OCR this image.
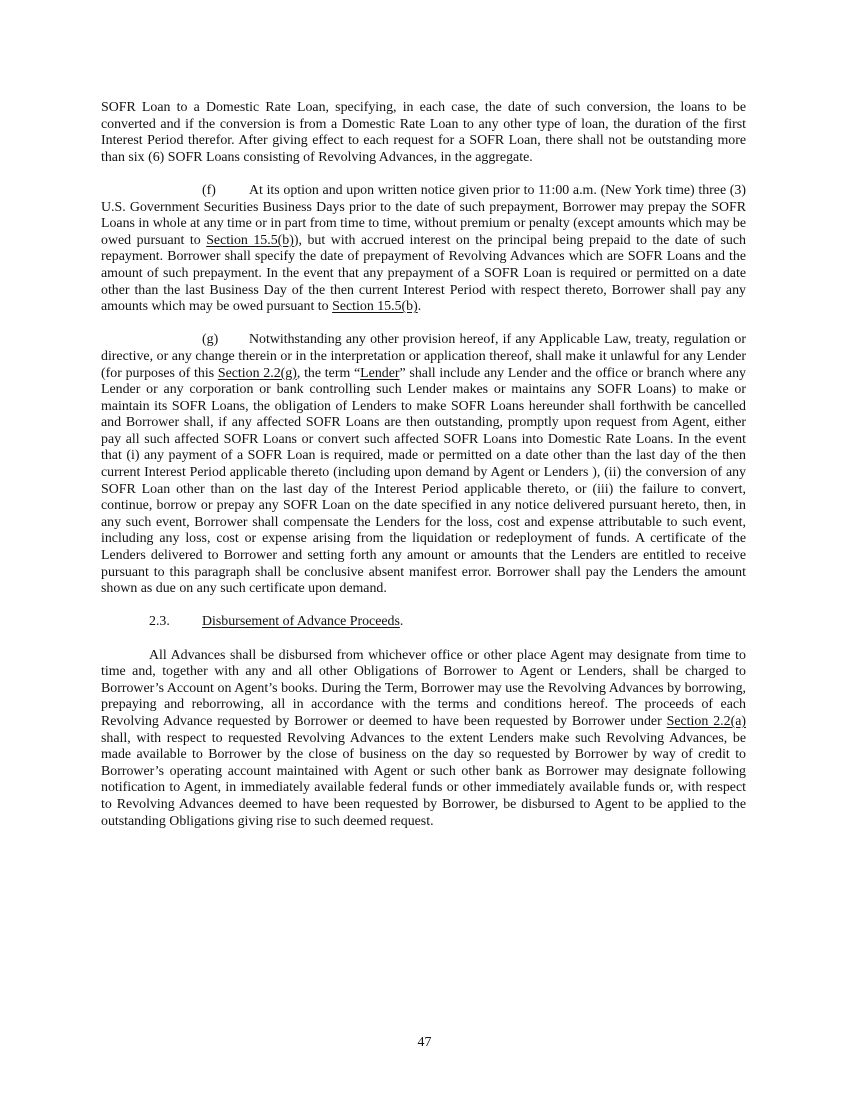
SOFR Loan to a Domestic Rate Loan, specifying, in each case, the date of such conversion, the loans to be converted and if the conversion is from a Domestic Rate Loan to any other type of loan, the duration of the first Interest Period therefor. After giving effect to each request for a SOFR Loan, there shall not be outstanding more than six (6) SOFR Loans consisting of Revolving Advances, in the aggregate.

(f) At its option and upon written notice given prior to 11:00 a.m. (New York time) three (3) U.S. Government Securities Business Days prior to the date of such prepayment, Borrower may prepay the SOFR Loans in whole at any time or in part from time to time, without premium or penalty (except amounts which may be owed pursuant to Section 15.5(b)), but with accrued interest on the principal being prepaid to the date of such repayment. Borrower shall specify the date of prepayment of Revolving Advances which are SOFR Loans and the amount of such prepayment. In the event that any prepayment of a SOFR Loan is required or permitted on a date other than the last Business Day of the then current Interest Period with respect thereto, Borrower shall pay any amounts which may be owed pursuant to Section 15.5(b).

(g) Notwithstanding any other provision hereof, if any Applicable Law, treaty, regulation or directive, or any change therein or in the interpretation or application thereof, shall make it unlawful for any Lender (for purposes of this Section 2.2(g), the term “Lender” shall include any Lender and the office or branch where any Lender or any corporation or bank controlling such Lender makes or maintains any SOFR Loans) to make or maintain its SOFR Loans, the obligation of Lenders to make SOFR Loans hereunder shall forthwith be cancelled and Borrower shall, if any affected SOFR Loans are then outstanding, promptly upon request from Agent, either pay all such affected SOFR Loans or convert such affected SOFR Loans into Domestic Rate Loans. In the event that (i) any payment of a SOFR Loan is required, made or permitted on a date other than the last day of the then current Interest Period applicable thereto (including upon demand by Agent or Lenders ), (ii) the conversion of any SOFR Loan other than on the last day of the Interest Period applicable thereto, or (iii) the failure to convert, continue, borrow or prepay any SOFR Loan on the date specified in any notice delivered pursuant hereto, then, in any such event, Borrower shall compensate the Lenders for the loss, cost and expense attributable to such event, including any loss, cost or expense arising from the liquidation or redeployment of funds. A certificate of the Lenders delivered to Borrower and setting forth any amount or amounts that the Lenders are entitled to receive pursuant to this paragraph shall be conclusive absent manifest error. Borrower shall pay the Lenders the amount shown as due on any such certificate upon demand.

2.3. Disbursement of Advance Proceeds.

All Advances shall be disbursed from whichever office or other place Agent may designate from time to time and, together with any and all other Obligations of Borrower to Agent or Lenders, shall be charged to Borrower’s Account on Agent’s books. During the Term, Borrower may use the Revolving Advances by borrowing, prepaying and reborrowing, all in accordance with the terms and conditions hereof. The proceeds of each Revolving Advance requested by Borrower or deemed to have been requested by Borrower under Section 2.2(a) shall, with respect to requested Revolving Advances to the extent Lenders make such Revolving Advances, be made available to Borrower by the close of business on the day so requested by Borrower by way of credit to Borrower’s operating account maintained with Agent or such other bank as Borrower may designate following notification to Agent, in immediately available federal funds or other immediately available funds or, with respect to Revolving Advances deemed to have been requested by Borrower, be disbursed to Agent to be applied to the outstanding Obligations giving rise to such deemed request.

47
